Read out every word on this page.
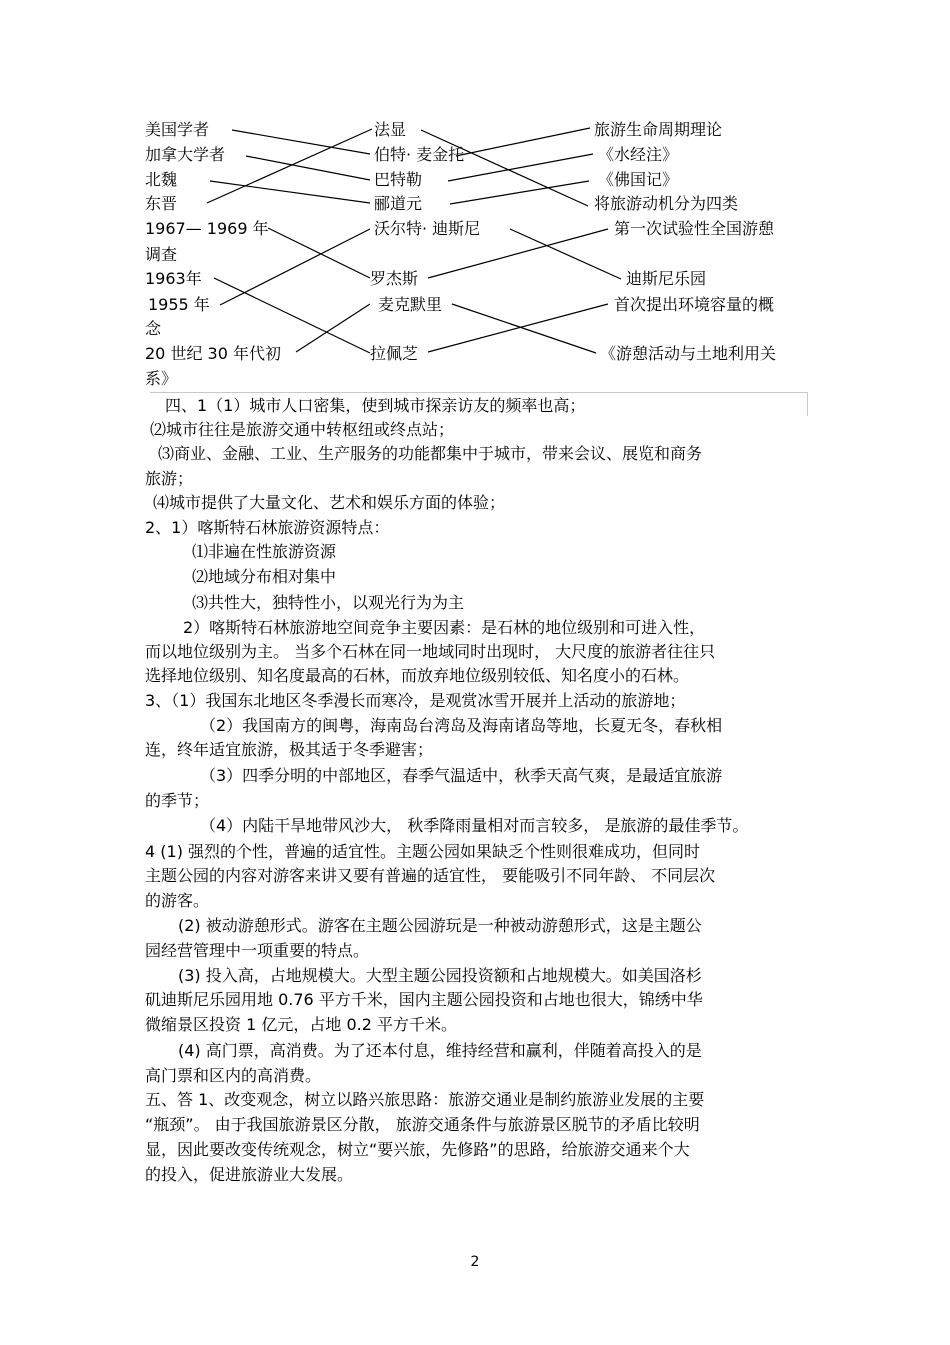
美国学者
加拿大学者
北魏
东晋
1967— 1969 年
调查
1963年
1955 年
念
20 世纪 30 年代初
系》
法显
伯特· 麦金托
巴特勒
郦道元
沃尔特· 迪斯尼
罗杰斯
麦克默里
拉佩芝
旅游生命周期理论
《水经注》
《佛国记》
将旅游动机分为四类
第一次试验性全国游憩
迪斯尼乐园
首次提出环境容量的概
《游憩活动与土地利用关
四、1（1）城市人口密集，使到城市探亲访友的频率也高；
⑵城市往往是旅游交通中转枢纽或终点站；
⑶商业、金融、工业、生产服务的功能都集中于城市，带来会议、展览和商务
旅游；
⑷城市提供了大量文化、艺术和娱乐方面的体验；
2、1）喀斯特石林旅游资源特点：
⑴非遍在性旅游资源
⑵地域分布相对集中
⑶共性大，独特性小，以观光行为为主
2）喀斯特石林旅游地空间竞争主要因素：是石林的地位级别和可进入性，
而以地位级别为主。 当多个石林在同一地域同时出现时， 大尺度的旅游者往往只
选择地位级别、知名度最高的石林，而放弃地位级别较低、知名度小的石林。
3、（1）我国东北地区冬季漫长而寒冷，是观赏冰雪开展并上活动的旅游地；
（2）我国南方的闽粤，海南岛台湾岛及海南诸岛等地，长夏无冬，春秋相
连，终年适宜旅游，极其适于冬季避害；
（3）四季分明的中部地区，春季气温适中，秋季天高气爽，是最适宜旅游
的季节；
（4）内陆干旱地带风沙大， 秋季降雨量相对而言较多， 是旅游的最佳季节。
4 (1) 强烈的个性，普遍的适宜性。主题公园如果缺乏个性则很难成功，但同时
主题公园的内容对游客来讲又要有普遍的适宜性， 要能吸引不同年龄、 不同层次
的游客。
(2) 被动游憩形式。游客在主题公园游玩是一种被动游憩形式，这是主题公
园经营管理中一项重要的特点。
(3) 投入高，占地规模大。大型主题公园投资额和占地规模大。如美国洛杉
矶迪斯尼乐园用地 0.76 平方千米，国内主题公园投资和占地也很大，锦绣中华
微缩景区投资 1 亿元，占地 0.2 平方千米。
(4) 高门票，高消费。为了还本付息，维持经营和赢利，伴随着高投入的是
高门票和区内的高消费。
五、答 1、改变观念，树立以路兴旅思路：旅游交通业是制约旅游业发展的主要
“瓶颈”。 由于我国旅游景区分散， 旅游交通条件与旅游景区脱节的矛盾比较明
显，因此要改变传统观念，树立“要兴旅，先修路”的思路，给旅游交通来个大
的投入，促进旅游业大发展。
2
